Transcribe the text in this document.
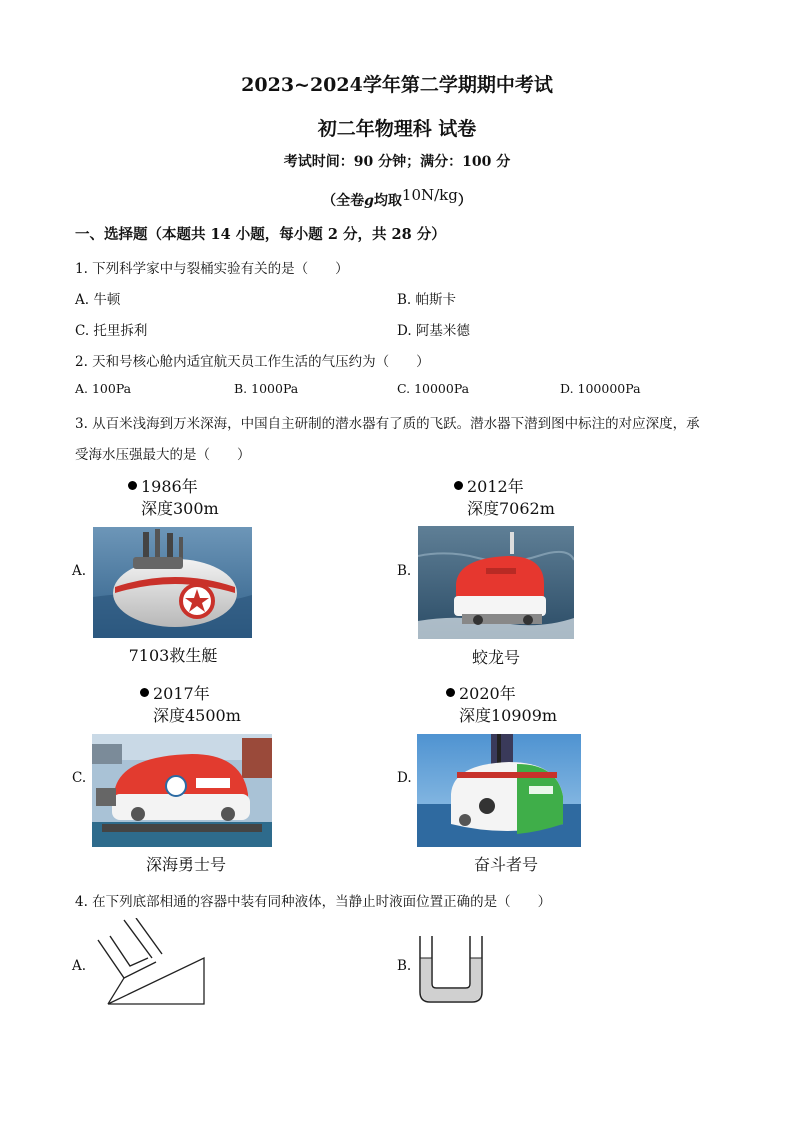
2023~2024学年第二学期期中考试
初二年物理科 试卷
考试时间：90 分钟；满分：100 分
（全卷g均取10N/kg）
一、选择题（本题共 14 小题，每小题 2 分，共 28 分）
1. 下列科学家中与裂桶实验有关的是（　　）
A. 牛顿	B. 帕斯卡
C. 托里拆利	D. 阿基米德
2. 天和号核心舱内适宜航天员工作生活的气压约为（　　）
A. 100Pa	B. 1000Pa	C. 10000Pa	D. 100000Pa
3. 从百米浅海到万米深海，中国自主研制的潜水器有了质的飞跃。潜水器下潜到图中标注的对应深度，承
受海水压强最大的是（　　）
1986年
深度300m
A.
7103救生艇
2012年
深度7062m
B.
蛟龙号
2017年
深度4500m
C.
深海勇士号
2020年
深度10909m
D.
奋斗者号
4. 在下列底部相通的容器中装有同种液体，当静止时液面位置正确的是（　　）
A.	B.
